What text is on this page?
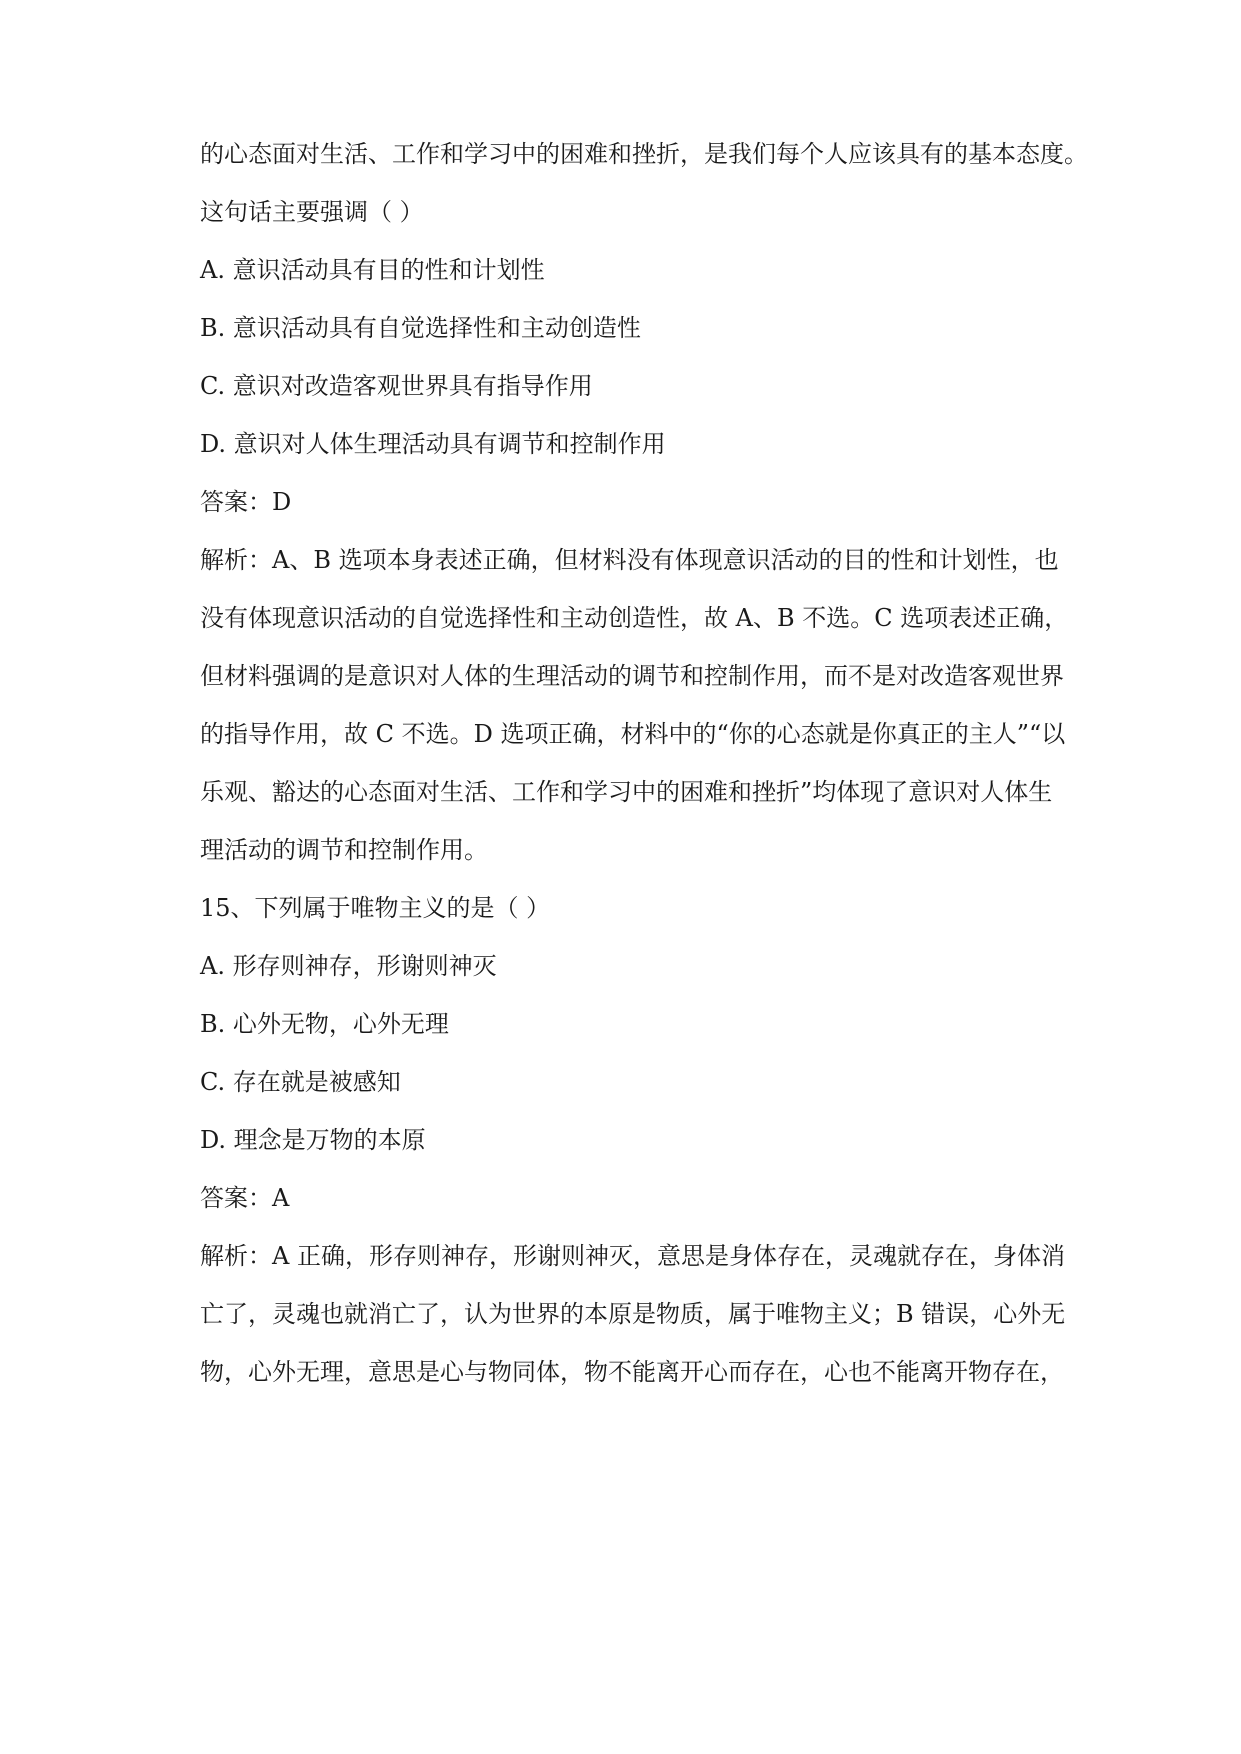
的心态面对生活、工作和学习中的困难和挫折，是我们每个人应该具有的基本态度。
这句话主要强调（ ）
A. 意识活动具有目的性和计划性
B. 意识活动具有自觉选择性和主动创造性
C. 意识对改造客观世界具有指导作用
D. 意识对人体生理活动具有调节和控制作用
答案：D
解析：A、B 选项本身表述正确，但材料没有体现意识活动的目的性和计划性，也
没有体现意识活动的自觉选择性和主动创造性，故 A、B 不选。C 选项表述正确，
但材料强调的是意识对人体的生理活动的调节和控制作用，而不是对改造客观世界
的指导作用，故 C 不选。D 选项正确，材料中的“你的心态就是你真正的主人”“以
乐观、豁达的心态面对生活、工作和学习中的困难和挫折”均体现了意识对人体生
理活动的调节和控制作用。
15、下列属于唯物主义的是（ ）
A. 形存则神存，形谢则神灭
B. 心外无物，心外无理
C. 存在就是被感知
D. 理念是万物的本原
答案：A
解析：A 正确，形存则神存，形谢则神灭，意思是身体存在，灵魂就存在，身体消
亡了，灵魂也就消亡了，认为世界的本原是物质，属于唯物主义；B 错误，心外无
物，心外无理，意思是心与物同体，物不能离开心而存在，心也不能离开物存在，
